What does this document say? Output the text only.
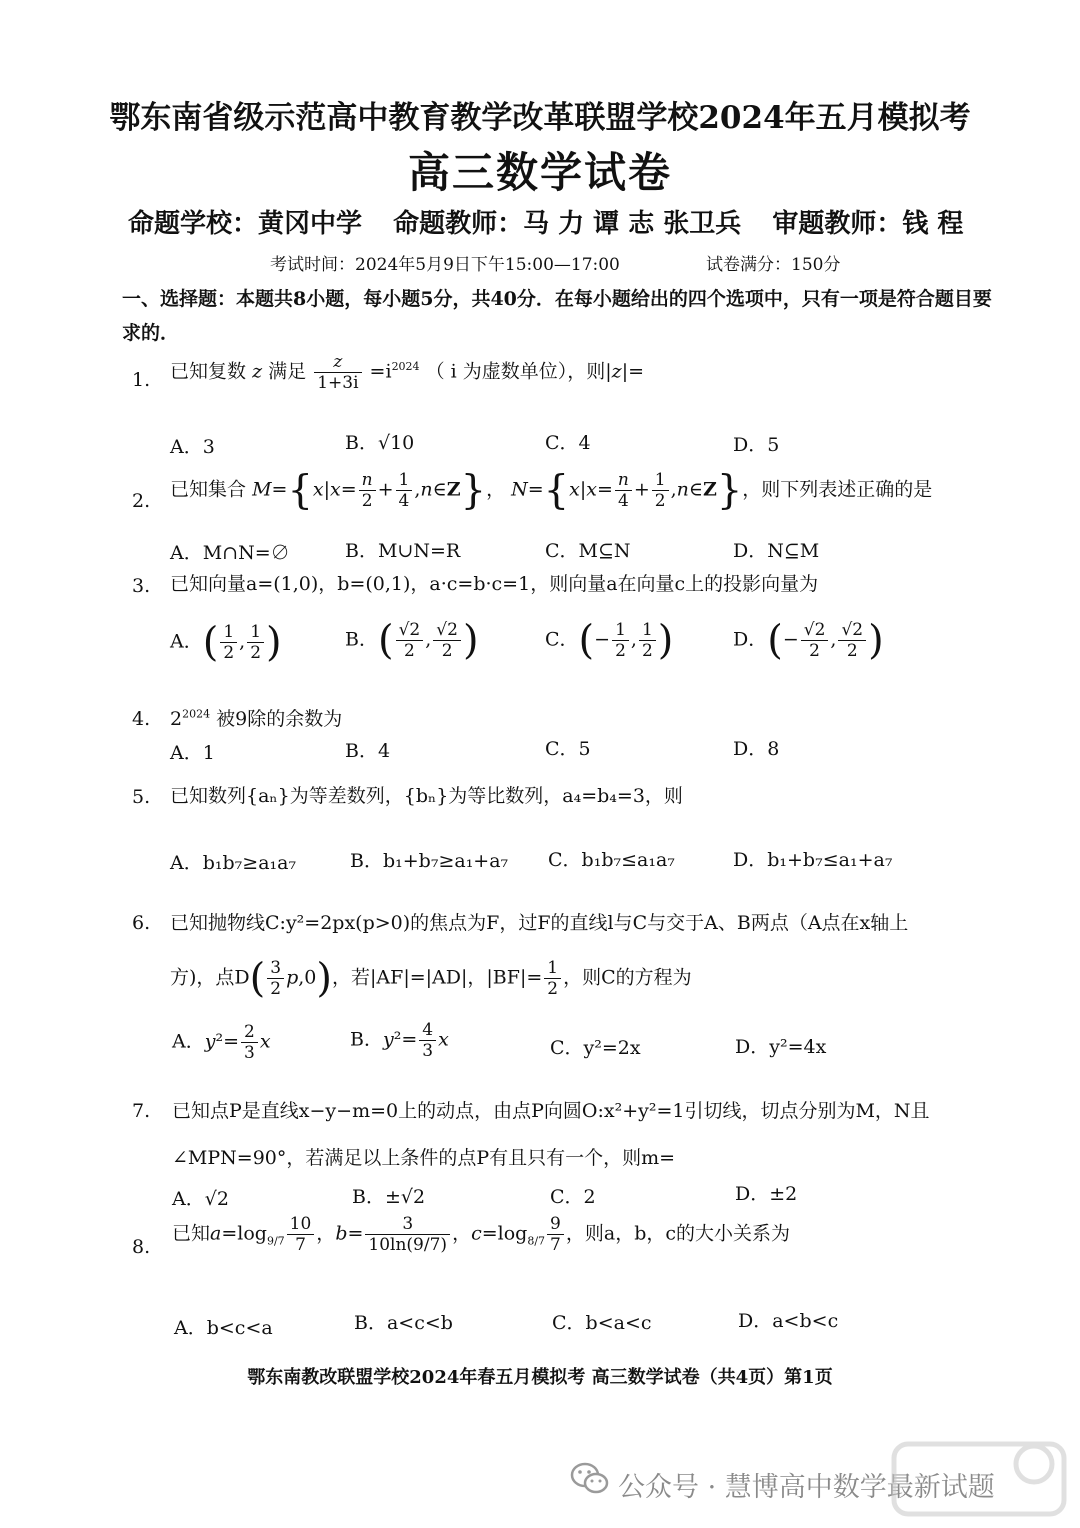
鄂东南省级示范高中教育教学改革联盟学校2024年五月模拟考
高三数学试卷
命题学校：黄冈中学 命题教师：马 力 谭 志 张卫兵 审题教师：钱 程
考试时间：2024年5月9日下午15:00—17:00	试卷满分：150分
一、选择题：本题共8小题，每小题5分，共40分．在每小题给出的四个选项中，只有一项是符合题目要求的．
1. 已知复数 z 满足 $\frac{z}{1+3i} =i^{2024}$ （ i 为虚数单位），则|z|=
A．3	B．√10	C．4	D．5
2.
已知集合 $M=\{x|x= \frac{n}{2} + \frac{1}{4}$ ,n∈Z}， $N=\{x|x= \frac{n}{4} + \frac{1}{2}$ ,n∈Z}，则下列表述正确的是
A．M∩N=∅	B．M∪N=R	C．M⊆N	D．N⊆M
3. 已知向量a=(1,0)，b=(0,1)，a·c=b·c=1，则向量a在向量c上的投影向量为
A．( $\frac{1}{2}$ , $\frac{1}{2}$ )	B．( $\frac{√2}{2}$ , $\frac{√2}{2}$ )	C．(− $\frac{1}{2}$ , $\frac{1}{2}$ )	D．(− $\frac{√2}{2}$ , $\frac{√2}{2}$ )
4. $2^{2024}$ 被9除的余数为
A．1	B．4	C．5	D．8
5. 已知数列{aₙ}为等差数列，{bₙ}为等比数列，a₄=b₄=3，则
A．b₁b₇≥a₁a₇	B．b₁+b₇≥a₁+a₇ C．b₁b₇≤a₁a₇	D．b₁+b₇≤a₁+a₇
6. 已知抛物线C:y²=2px(p>0)的焦点为F，过F的直线l与C与交于A、B两点（A点在x轴上
方)，点$D( \frac{3}{2} p,0)$，若|AF|=|AD|，$|BF|= \frac{1}{2}$ ，则C的方程为
A．$y^2= \frac{2}{3}$ x	B．$y^2= \frac{4}{3}$ x	C．y²=2x	D．y²=4x
7. 已知点P是直线x−y−m=0上的动点，由点P向圆O:x²+y²=1引切线，切点分别为M，N且
∠MPN=90°，若满足以上条件的点P有且只有一个，则m=
A．√2	B．±√2	C．2	D．±2
8.
已知$a=\log_{9/7} \frac{10}{7}$ ，$b= \frac{3}{10\ln(9/7)}$ ，$c=\log_{8/7} \frac{9}{7}$ ，则a，b，c的大小关系为
A．b<c<a	B．a<c<b	C．b<a<c	D．a<b<c
鄂东南教改联盟学校2024年春五月模拟考 高三数学试卷（共4页）第1页
公众号 · 慧博高中数学最新试题
